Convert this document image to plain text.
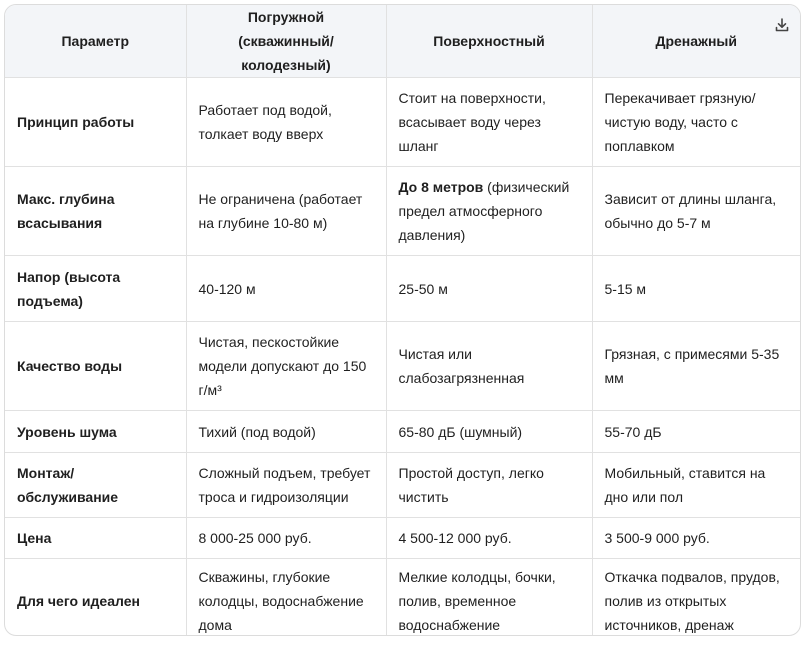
Параметр	Погружной (скважинный/ колодезный)	Поверхностный	Дренажный
Принцип работы	Работает под водой, толкает воду вверх	Стоит на поверхности, всасывает воду через шланг	Перекачивает грязную/ чистую воду, часто с поплавком
Макс. глубина всасывания	Не ограничена (работает на глубине 10-80 м)	До 8 метров (физический предел атмосферного давления)	Зависит от длины шланга, обычно до 5-7 м
Напор (высота подъема)	40-120 м	25-50 м	5-15 м
Качество воды	Чистая, пескостойкие модели допускают до 150 г/м³	Чистая или слабозагрязненная	Грязная, с примесями 5-35 мм
Уровень шума	Тихий (под водой)	65-80 дБ (шумный)	55-70 дБ
Монтаж/обслуживание	Сложный подъем, требует троса и гидроизоляции	Простой доступ, легко чистить	Мобильный, ставится на дно или пол
Цена	8 000-25 000 руб.	4 500-12 000 руб.	3 500-9 000 руб.
Для чего идеален	Скважины, глубокие колодцы, водоснабжение дома	Мелкие колодцы, бочки, полив, временное водоснабжение	Откачка подвалов, прудов, полив из открытых источников, дренаж
